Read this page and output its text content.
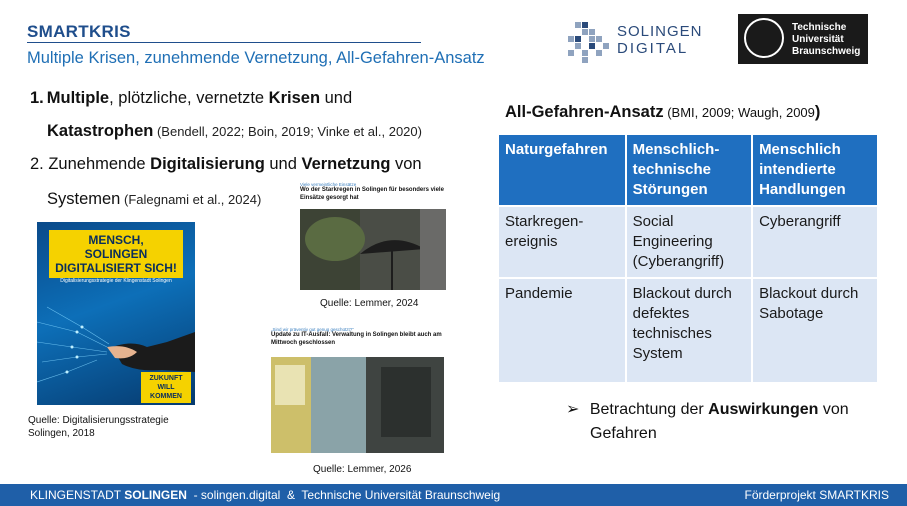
SMARTKRIS
Multiple Krisen, zunehmende Vernetzung, All-Gefahren-Ansatz
SOLINGEN
DIGITAL
Technische
Universität
Braunschweig
1. Multiple, plötzliche, vernetzte Krisen und
Katastrophen (Bendell, 2022; Boin, 2019; Vinke et al., 2020)
2. Zunehmende Digitalisierung und Vernetzung von
Systemen (Falegnami et al., 2024)
MENSCH,
SOLINGEN
DIGITALISIERT SICH!
Digitalisierungsstrategie der Klingenstadt Solingen
ZUKUNFT WILL KOMMEN
Quelle: Digitalisierungsstrategie Solingen, 2018
Viele vermeintliche Einsätze
Wo der Starkregen in Solingen für besonders viele Einsätze gesorgt hat
Quelle: Lemmer, 2024
„Sind wir präventiv gut genug geschützt?“
Update zu IT-Ausfall: Verwaltung in Solingen bleibt auch am Mittwoch geschlossen
Quelle: Lemmer, 2026
All-Gefahren-Ansatz (BMI, 2009; Waugh, 2009)
Naturgefahren	Menschlich-technische Störungen	Menschlich intendierte Handlungen
Starkregen-ereignis	Social Engineering (Cyberangriff)	Cyberangriff
Pandemie	Blackout durch defektes technisches System	Blackout durch Sabotage
➢ Betrachtung der Auswirkungen von
Gefahren
KLINGENSTADT SOLINGEN  - solingen.digital  &  Technische Universität Braunschweig	Förderprojekt SMARTKRIS
